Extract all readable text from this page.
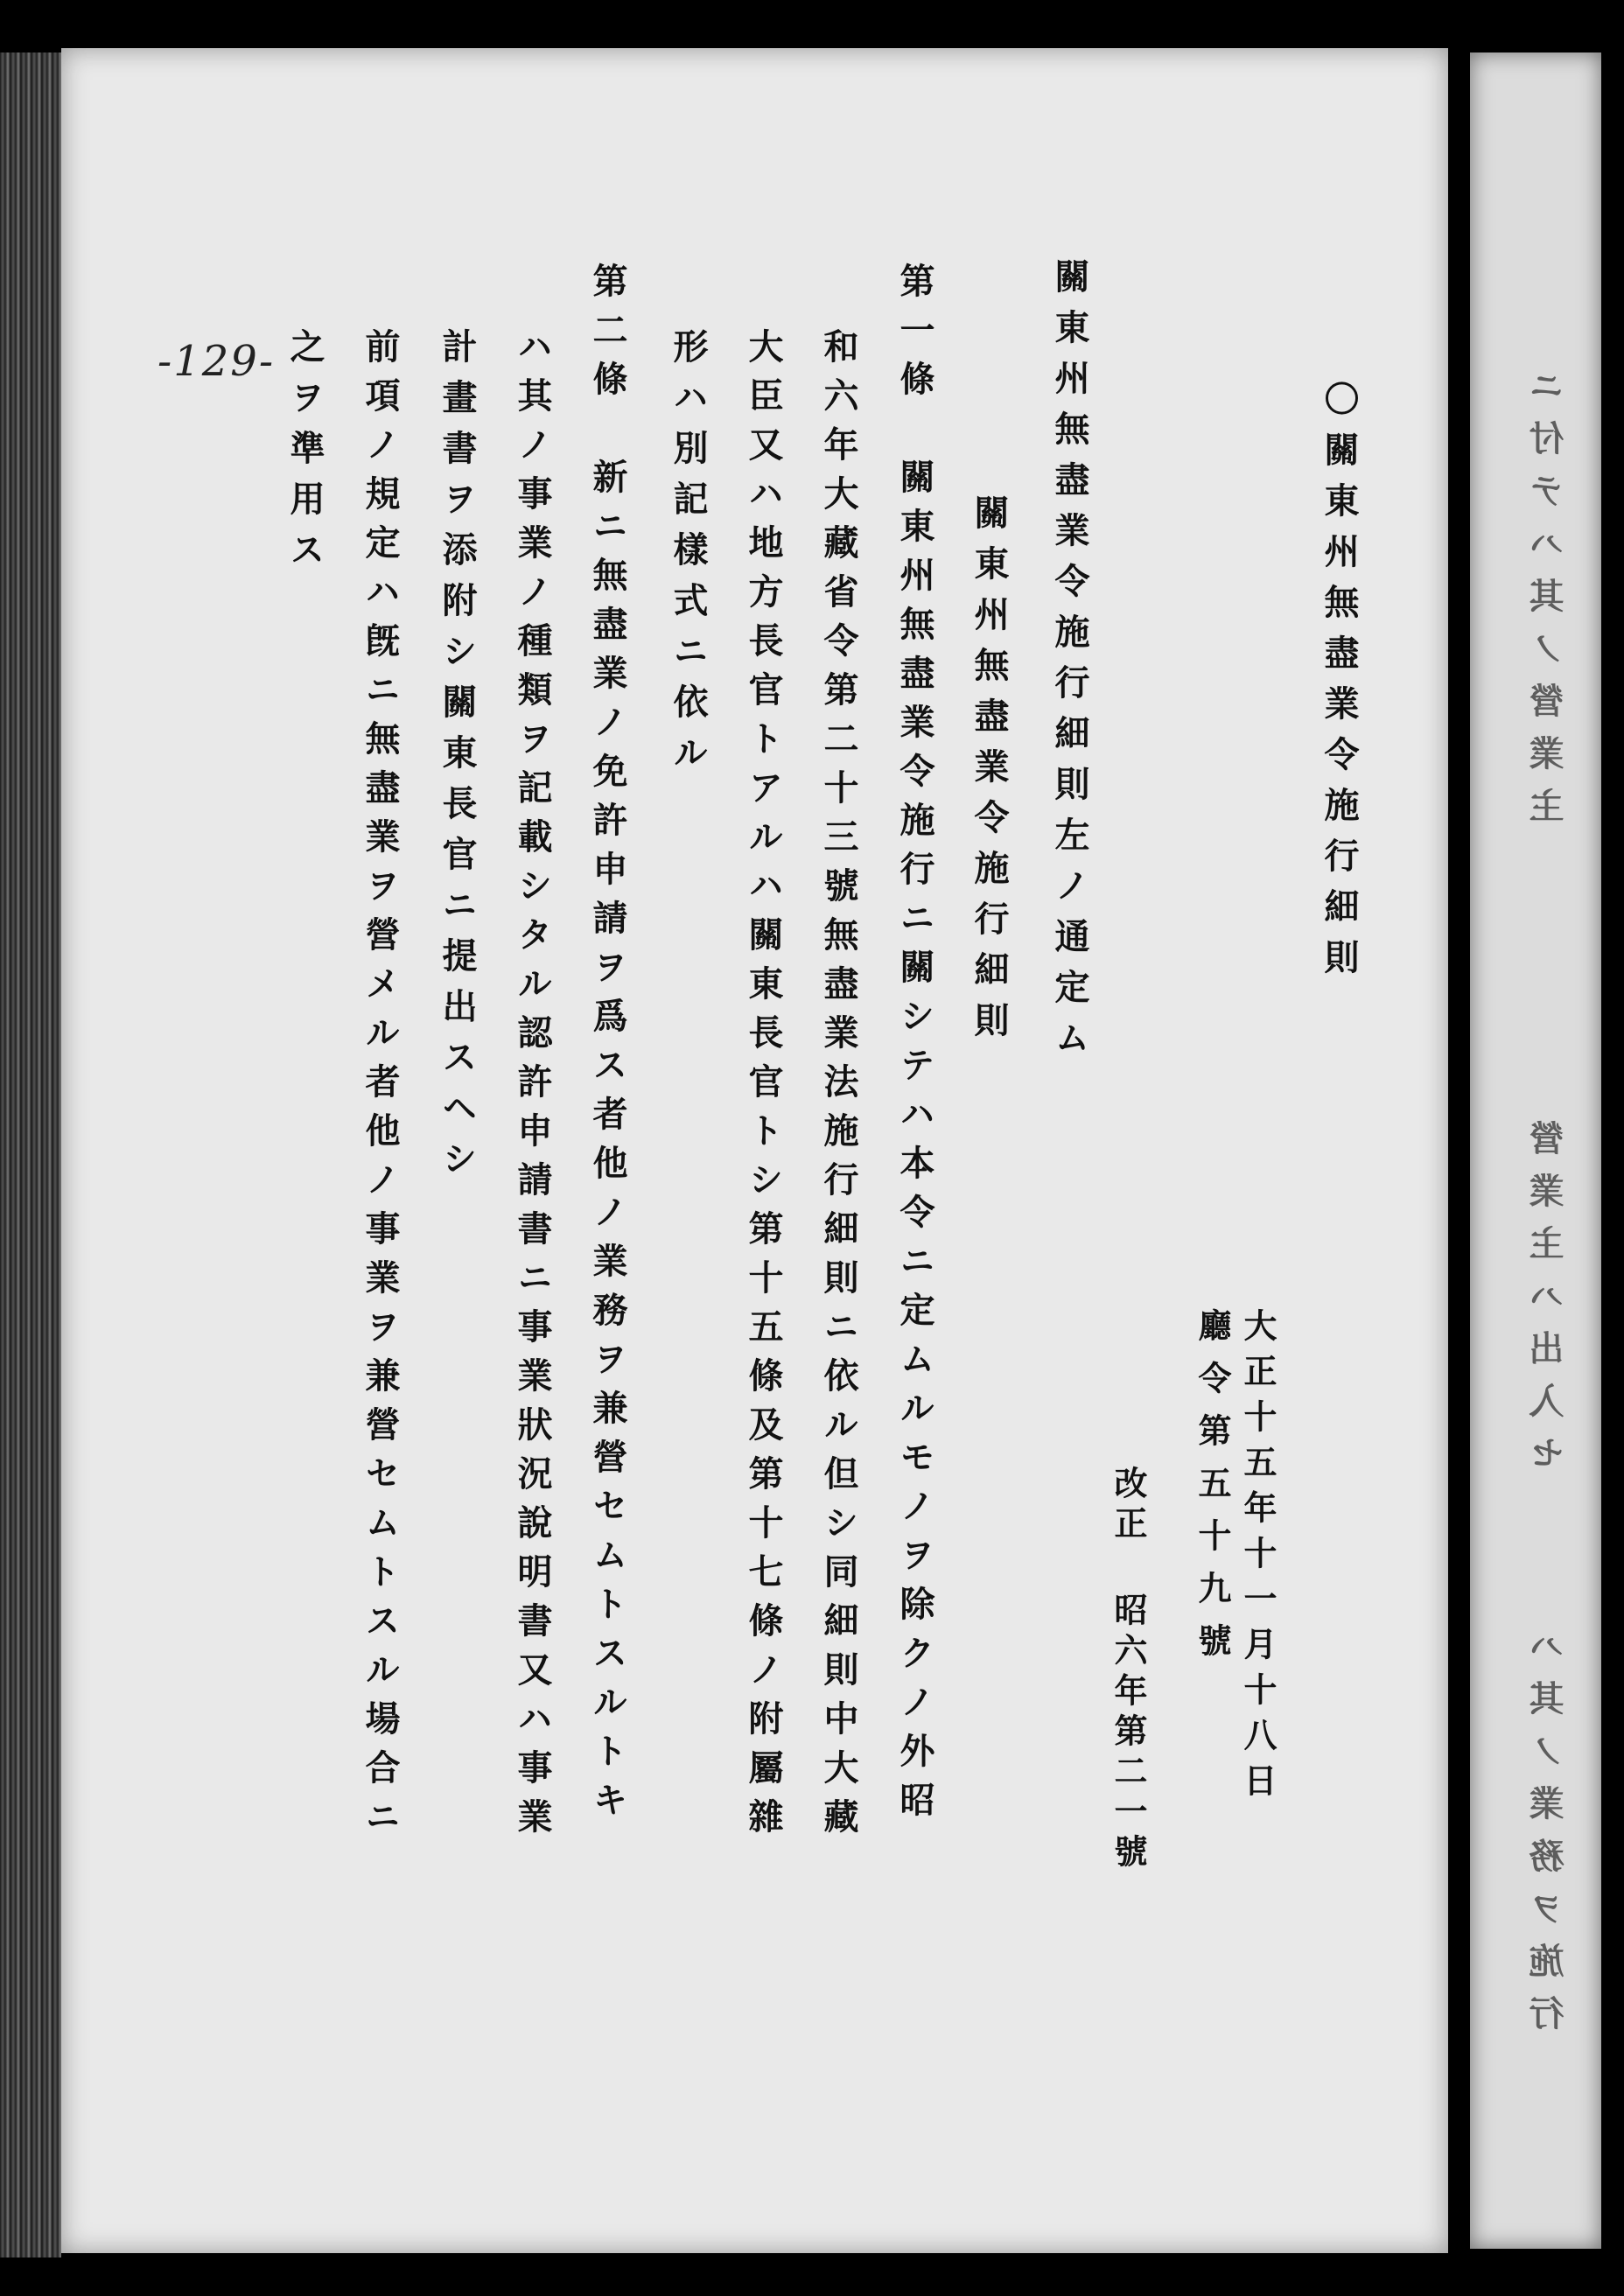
-129-
〇關東州無盡業令施行細則
大正十五年十一月十八日
廳令第五十九號
改正 昭六年第二一號
關東州無盡業令施行細則左ノ通定ム
關東州無盡業令施行細則
第一條　關東州無盡業令施行ニ關シテハ本令ニ定ムルモノヲ除クノ外昭
和六年大藏省令第二十三號無盡業法施行細則ニ依ル但シ同細則中大藏
大臣又ハ地方長官トアルハ關東長官トシ第十五條及第十七條ノ附屬雜
形ハ別記樣式ニ依ル
第二條　新ニ無盡業ノ免許申請ヲ爲ス者他ノ業務ヲ兼營セムトスルトキ
ハ其ノ事業ノ種類ヲ記載シタル認許申請書ニ事業狀況說明書又ハ事業
計畫書ヲ添附シ關東長官ニ提出スヘシ
前項ノ規定ハ旣ニ無盡業ヲ營メル者他ノ事業ヲ兼營セムトスル場合ニ
之ヲ準用ス	ニ付テハ其ノ營業主
營業主ハ出入セ
ハ其ノ業務ヲ施行
